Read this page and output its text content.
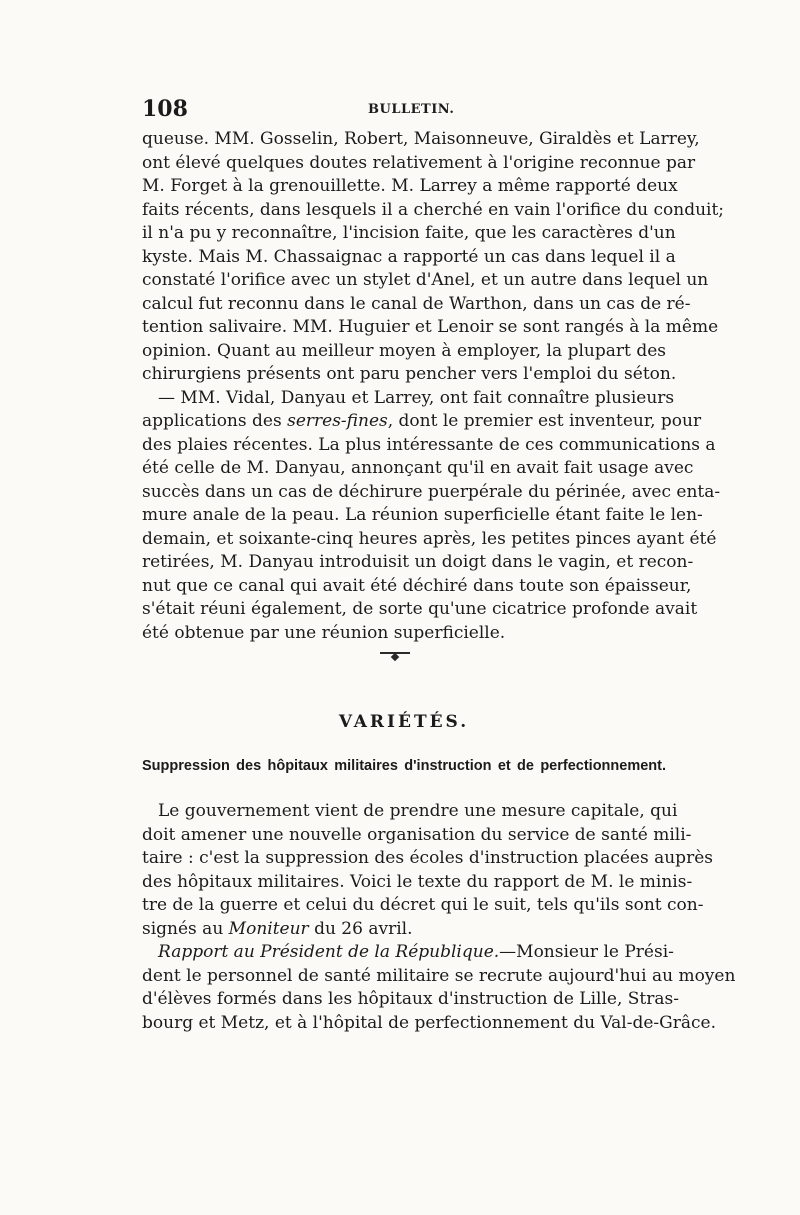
108	BULLETIN.
queuse. MM. Gosselin, Robert, Maisonneuve, Giraldès et Larrey,
ont élevé quelques doutes relativement à l'origine reconnue par
M. Forget à la grenouillette. M. Larrey a même rapporté deux
faits récents, dans lesquels il a cherché en vain l'orifice du conduit;
il n'a pu y reconnaître, l'incision faite, que les caractères d'un
kyste. Mais M. Chassaignac a rapporté un cas dans lequel il a
constaté l'orifice avec un stylet d'Anel, et un autre dans lequel un
calcul fut reconnu dans le canal de Warthon, dans un cas de ré-
tention salivaire. MM. Huguier et Lenoir se sont rangés à la même
opinion. Quant au meilleur moyen à employer, la plupart des
chirurgiens présents ont paru pencher vers l'emploi du séton.
— MM. Vidal, Danyau et Larrey, ont fait connaître plusieurs
applications des serres-fines, dont le premier est inventeur, pour
des plaies récentes. La plus intéressante de ces communications a
été celle de M. Danyau, annonçant qu'il en avait fait usage avec
succès dans un cas de déchirure puerpérale du périnée, avec enta-
mure anale de la peau. La réunion superficielle étant faite le len-
demain, et soixante-cinq heures après, les petites pinces ayant été
retirées, M. Danyau introduisit un doigt dans le vagin, et recon-
nut que ce canal qui avait été déchiré dans toute son épaisseur,
s'était réuni également, de sorte qu'une cicatrice profonde avait
été obtenue par une réunion superficielle.
VARIÉTÉS.
Suppression des hôpitaux militaires d'instruction et de perfectionnement.
Le gouvernement vient de prendre une mesure capitale, qui
doit amener une nouvelle organisation du service de santé mili-
taire : c'est la suppression des écoles d'instruction placées auprès
des hôpitaux militaires. Voici le texte du rapport de M. le minis-
tre de la guerre et celui du décret qui le suit, tels qu'ils sont con-
signés au Moniteur du 26 avril.
Rapport au Président de la République.—Monsieur le Prési-
dent le personnel de santé militaire se recrute aujourd'hui au moyen
d'élèves formés dans les hôpitaux d'instruction de Lille, Stras-
bourg et Metz, et à l'hôpital de perfectionnement du Val-de-Grâce.
